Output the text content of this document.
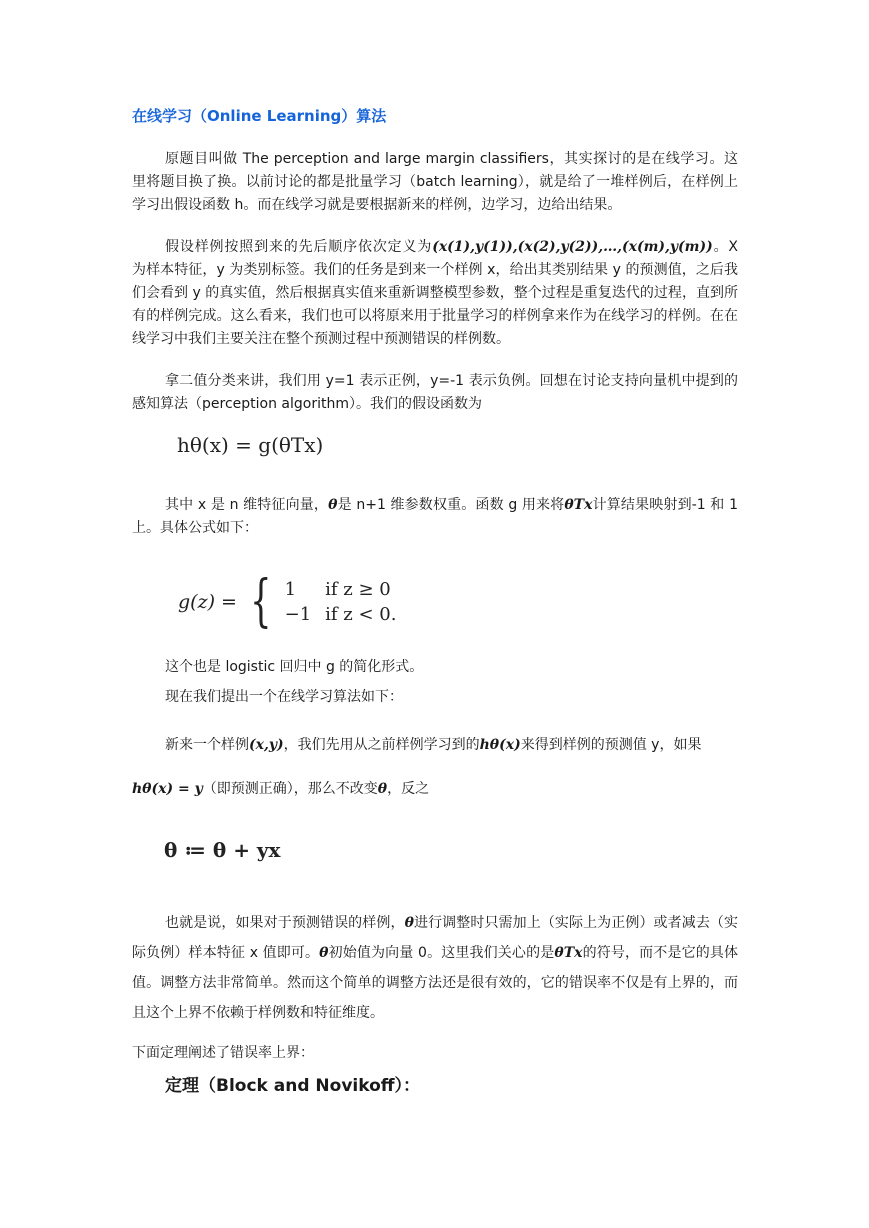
在线学习（Online Learning）算法
原题目叫做 The perception and large margin classifiers，其实探讨的是在线学习。这里将题目换了换。以前讨论的都是批量学习（batch learning），就是给了一堆样例后，在样例上学习出假设函数 h。而在线学习就是要根据新来的样例，边学习，边给出结果。
假设样例按照到来的先后顺序依次定义为(x(1),y(1)),(x(2),y(2)),…,(x(m),y(m))。X 为样本特征，y 为类别标签。我们的任务是到来一个样例 x，给出其类别结果 y 的预测值，之后我们会看到 y 的真实值，然后根据真实值来重新调整模型参数，整个过程是重复迭代的过程，直到所有的样例完成。这么看来，我们也可以将原来用于批量学习的样例拿来作为在线学习的样例。在在线学习中我们主要关注在整个预测过程中预测错误的样例数。
拿二值分类来讲，我们用 y=1 表示正例，y=-1 表示负例。回想在讨论支持向量机中提到的感知算法（perception algorithm）。我们的假设函数为
hθ(x) = g(θTx)
其中 x 是 n 维特征向量，θ是 n+1 维参数权重。函数 g 用来将θTx计算结果映射到-1 和 1 上。具体公式如下：
g(z) = { 1	if z ≥ 0
−1 if z < 0.
这个也是 logistic 回归中 g 的简化形式。
现在我们提出一个在线学习算法如下：
新来一个样例(x,y)，我们先用从之前样例学习到的hθ(x)来得到样例的预测值 y，如果
hθ(x) = y（即预测正确），那么不改变θ，反之
θ ≔ θ + yx
也就是说，如果对于预测错误的样例，θ进行调整时只需加上（实际上为正例）或者减去（实际负例）样本特征 x 值即可。θ初始值为向量 0。这里我们关心的是θTx的符号，而不是它的具体值。调整方法非常简单。然而这个简单的调整方法还是很有效的，它的错误率不仅是有上界的，而且这个上界不依赖于样例数和特征维度。
下面定理阐述了错误率上界：
定理（Block and Novikoff）：
